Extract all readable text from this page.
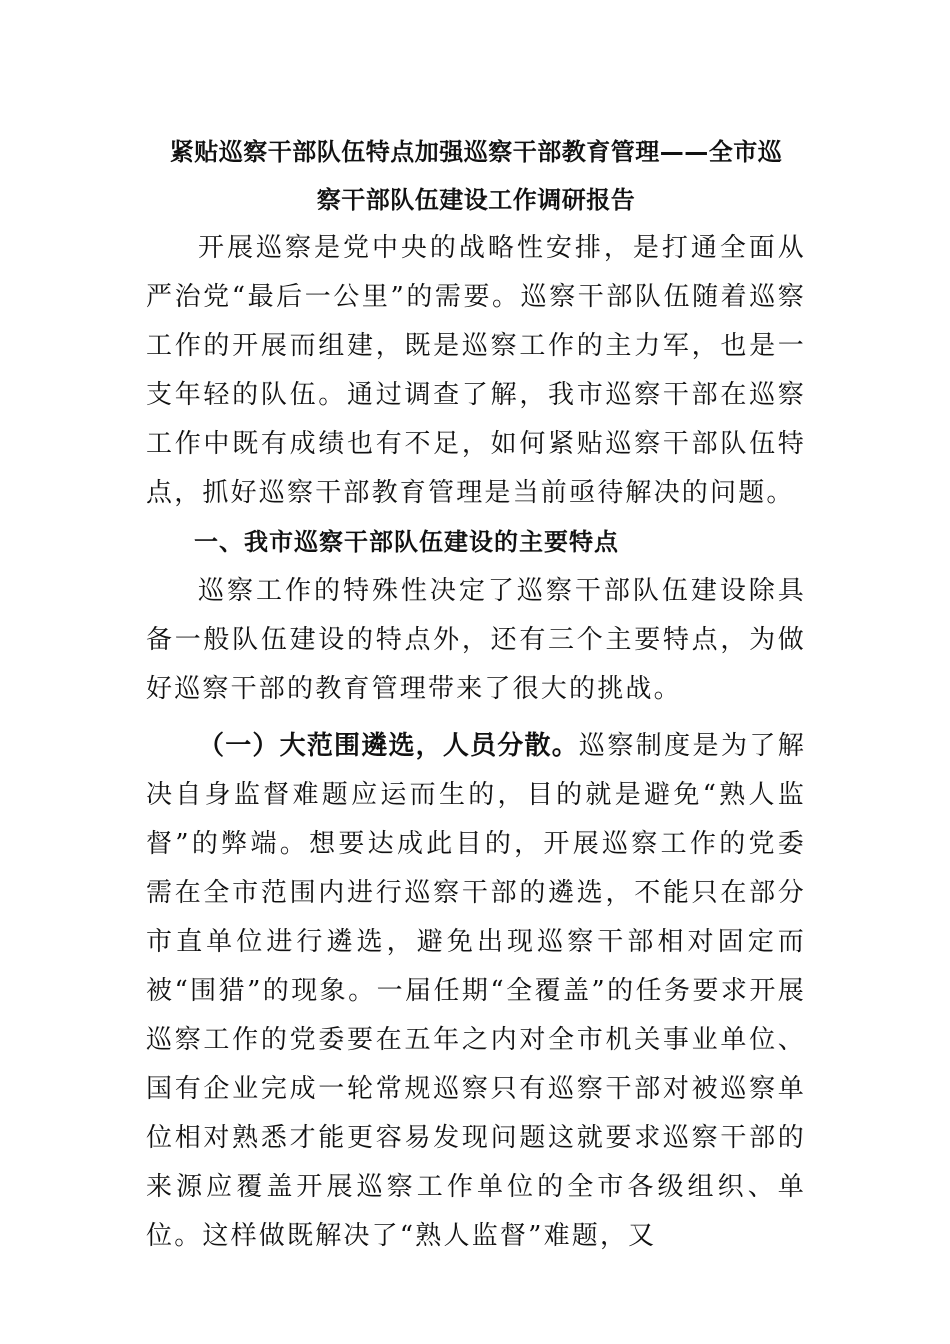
紧贴巡察干部队伍特点加强巡察干部教育管理——全市巡
察干部队伍建设工作调研报告

开展巡察是党中央的战略性安排，是打通全面从严治党“最后一公里”的需要。巡察干部队伍随着巡察工作的开展而组建，既是巡察工作的主力军，也是一支年轻的队伍。通过调查了解，我市巡察干部在巡察工作中既有成绩也有不足，如何紧贴巡察干部队伍特点，抓好巡察干部教育管理是当前亟待解决的问题。

一、我市巡察干部队伍建设的主要特点

巡察工作的特殊性决定了巡察干部队伍建设除具备一般队伍建设的特点外，还有三个主要特点，为做好巡察干部的教育管理带来了很大的挑战。

（一）大范围遴选，人员分散。巡察制度是为了解决自身监督难题应运而生的，目的就是避免“熟人监督”的弊端。想要达成此目的，开展巡察工作的党委需在全市范围内进行巡察干部的遴选，不能只在部分市直单位进行遴选，避免出现巡察干部相对固定而被“围猎”的现象。一届任期“全覆盖”的任务要求开展巡察工作的党委要在五年之内对全市机关事业单位、国有企业完成一轮常规巡察只有巡察干部对被巡察单位相对熟悉才能更容易发现问题这就要求巡察干部的来源应覆盖开展巡察工作单位的全市各级组织、单位。这样做既解决了“熟人监督”难题，又
